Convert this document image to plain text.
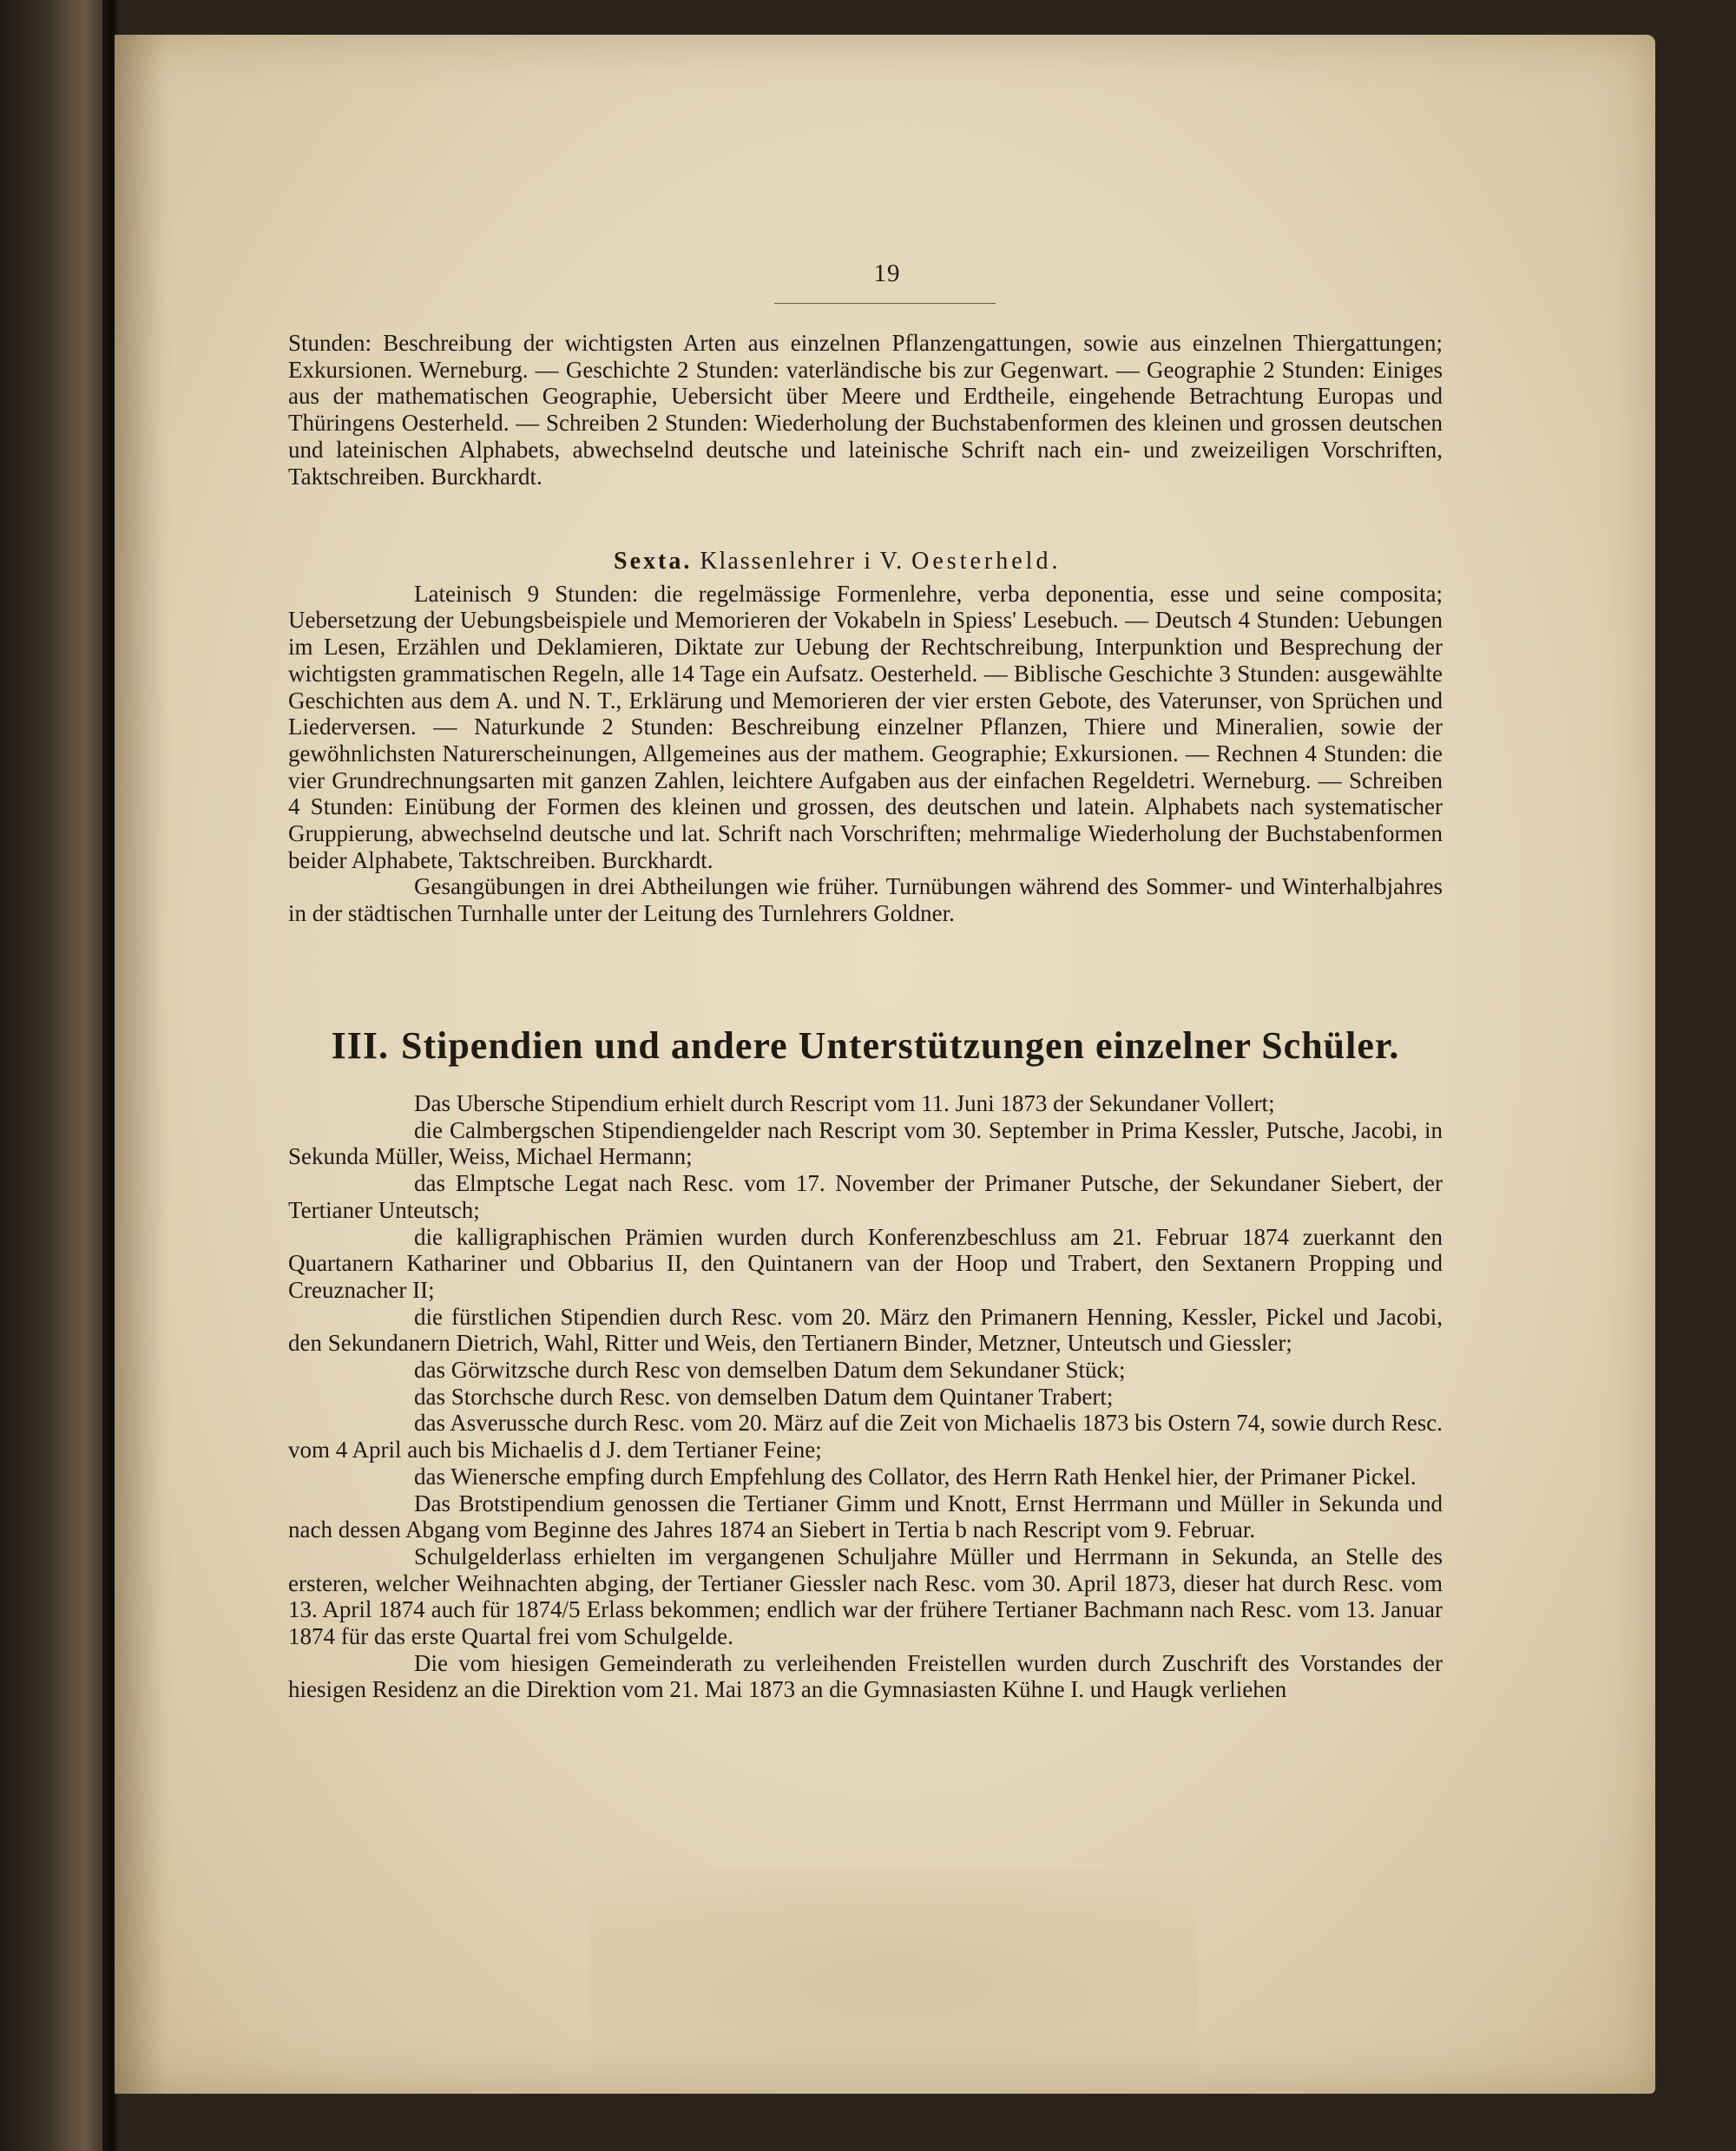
19

Stunden: Beschreibung der wichtigsten Arten aus einzelnen Pflanzengattungen, sowie aus einzelnen Thiergattungen; Exkursionen. Werneburg. — Geschichte 2 Stunden: vaterländische bis zur Gegenwart. — Geographie 2 Stunden: Einiges aus der mathematischen Geographie, Uebersicht über Meere und Erdtheile, eingehende Betrachtung Europas und Thüringens Oesterheld. — Schreiben 2 Stunden: Wiederholung der Buchstabenformen des kleinen und grossen deutschen und lateinischen Alphabets, abwechselnd deutsche und lateinische Schrift nach ein- und zweizeiligen Vorschriften, Taktschreiben. Burckhardt.

Sexta. Klassenlehrer i V. Oesterheld.

Lateinisch 9 Stunden: die regelmässige Formenlehre, verba deponentia, esse und seine composita; Uebersetzung der Uebungsbeispiele und Memorieren der Vokabeln in Spiess' Lesebuch. — Deutsch 4 Stunden: Uebungen im Lesen, Erzählen und Deklamieren, Diktate zur Uebung der Rechtschreibung, Interpunktion und Besprechung der wichtigsten grammatischen Regeln, alle 14 Tage ein Aufsatz. Oesterheld. — Biblische Geschichte 3 Stunden: ausgewählte Geschichten aus dem A. und N. T., Erklärung und Memorieren der vier ersten Gebote, des Vaterunser, von Sprüchen und Liederversen. — Naturkunde 2 Stunden: Beschreibung einzelner Pflanzen, Thiere und Mineralien, sowie der gewöhnlichsten Naturerscheinungen, Allgemeines aus der mathem. Geographie; Exkursionen. — Rechnen 4 Stunden: die vier Grundrechnungsarten mit ganzen Zahlen, leichtere Aufgaben aus der einfachen Regeldetri. Werneburg. — Schreiben 4 Stunden: Einübung der Formen des kleinen und grossen, des deutschen und latein. Alphabets nach systematischer Gruppierung, abwechselnd deutsche und lat. Schrift nach Vorschriften; mehrmalige Wiederholung der Buchstabenformen beider Alphabete, Taktschreiben. Burckhardt.

Gesangübungen in drei Abtheilungen wie früher. Turnübungen während des Sommer- und Winterhalbjahres in der städtischen Turnhalle unter der Leitung des Turnlehrers Goldner.

III. Stipendien und andere Unterstützungen einzelner Schüler.

Das Ubersche Stipendium erhielt durch Rescript vom 11. Juni 1873 der Sekundaner Vollert;

die Calmbergschen Stipendiengelder nach Rescript vom 30. September in Prima Kessler, Putsche, Jacobi, in Sekunda Müller, Weiss, Michael Hermann;

das Elmptsche Legat nach Resc. vom 17. November der Primaner Putsche, der Sekundaner Siebert, der Tertianer Unteutsch;

die kalligraphischen Prämien wurden durch Konferenzbeschluss am 21. Februar 1874 zuerkannt den Quartanern Kathariner und Obbarius II, den Quintanern van der Hoop und Trabert, den Sextanern Propping und Creuznacher II;

die fürstlichen Stipendien durch Resc. vom 20. März den Primanern Henning, Kessler, Pickel und Jacobi, den Sekundanern Dietrich, Wahl, Ritter und Weis, den Tertianern Binder, Metzner, Unteutsch und Giessler;

das Görwitzsche durch Resc von demselben Datum dem Sekundaner Stück;

das Storchsche durch Resc. von demselben Datum dem Quintaner Trabert;

das Asverussche durch Resc. vom 20. März auf die Zeit von Michaelis 1873 bis Ostern 74, sowie durch Resc. vom 4 April auch bis Michaelis d J. dem Tertianer Feine;

das Wienersche empfing durch Empfehlung des Collator, des Herrn Rath Henkel hier, der Primaner Pickel.

Das Brotstipendium genossen die Tertianer Gimm und Knott, Ernst Herrmann und Müller in Sekunda und nach dessen Abgang vom Beginne des Jahres 1874 an Siebert in Tertia b nach Rescript vom 9. Februar.

Schulgelderlass erhielten im vergangenen Schuljahre Müller und Herrmann in Sekunda, an Stelle des ersteren, welcher Weihnachten abging, der Tertianer Giessler nach Resc. vom 30. April 1873, dieser hat durch Resc. vom 13. April 1874 auch für 1874/5 Erlass bekommen; endlich war der frühere Tertianer Bachmann nach Resc. vom 13. Januar 1874 für das erste Quartal frei vom Schulgelde.

Die vom hiesigen Gemeinderath zu verleihenden Freistellen wurden durch Zuschrift des Vorstandes der hiesigen Residenz an die Direktion vom 21. Mai 1873 an die Gymnasiasten Kühne I. und Haugk verliehen
